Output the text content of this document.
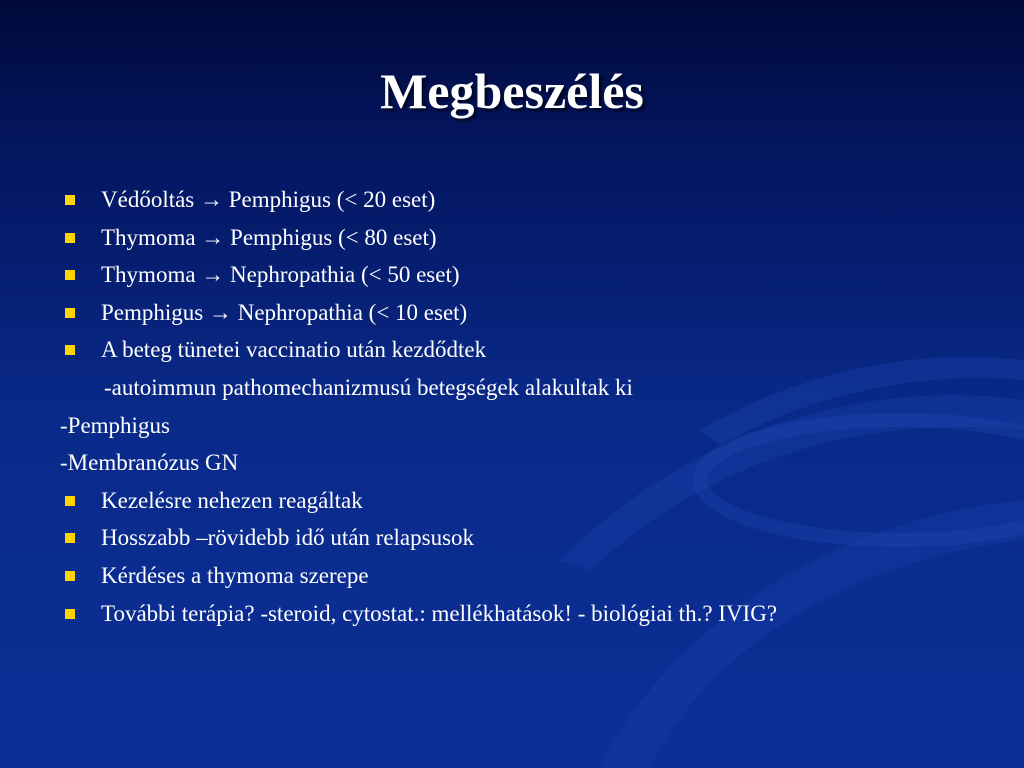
Megbeszélés
Védőoltás → Pemphigus (< 20 eset)
Thymoma → Pemphigus (< 80 eset)
Thymoma → Nephropathia (< 50 eset)
Pemphigus → Nephropathia (< 10 eset)
A beteg tünetei vaccinatio után kezdődtek
-autoimmun pathomechanizmusú betegségek alakultak ki
-Pemphigus
-Membranózus GN
Kezelésre nehezen reagáltak
Hosszabb –rövidebb idő után relapsusok
Kérdéses a thymoma szerepe
További terápia? -steroid, cytostat.: mellékhatások! - biológiai th.? IVIG?
